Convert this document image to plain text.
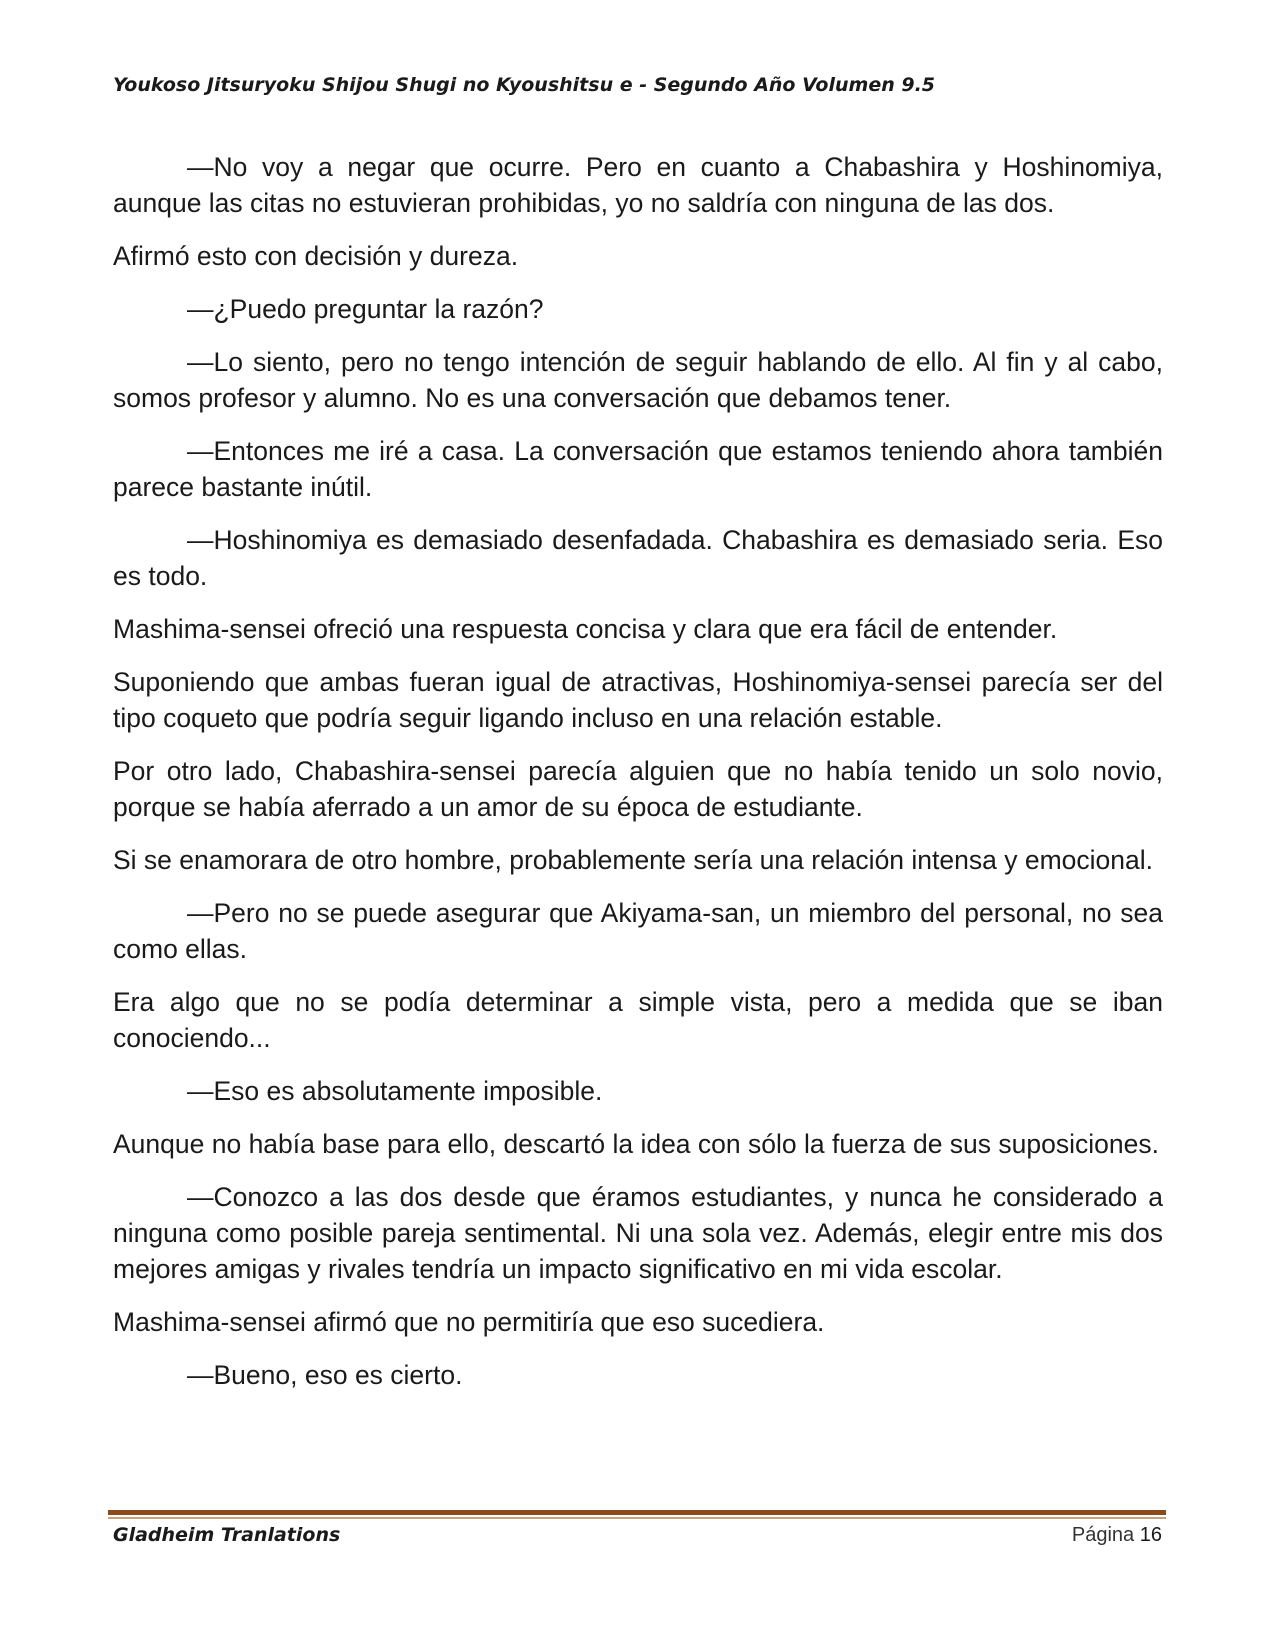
Youkoso Jitsuryoku Shijou Shugi no Kyoushitsu e - Segundo Año Volumen 9.5

—No voy a negar que ocurre. Pero en cuanto a Chabashira y Hoshinomiya, aunque las citas no estuvieran prohibidas, yo no saldría con ninguna de las dos.

Afirmó esto con decisión y dureza.

—¿Puedo preguntar la razón?

—Lo siento, pero no tengo intención de seguir hablando de ello. Al fin y al cabo, somos profesor y alumno. No es una conversación que debamos tener.

—Entonces me iré a casa. La conversación que estamos teniendo ahora también parece bastante inútil.

—Hoshinomiya es demasiado desenfadada. Chabashira es demasiado seria. Eso es todo.

Mashima-sensei ofreció una respuesta concisa y clara que era fácil de entender.

Suponiendo que ambas fueran igual de atractivas, Hoshinomiya-sensei parecía ser del tipo coqueto que podría seguir ligando incluso en una relación estable.

Por otro lado, Chabashira-sensei parecía alguien que no había tenido un solo novio, porque se había aferrado a un amor de su época de estudiante.

Si se enamorara de otro hombre, probablemente sería una relación intensa y emocional.

—Pero no se puede asegurar que Akiyama-san, un miembro del personal, no sea como ellas.

Era algo que no se podía determinar a simple vista, pero a medida que se iban conociendo...

—Eso es absolutamente imposible.

Aunque no había base para ello, descartó la idea con sólo la fuerza de sus suposiciones.

—Conozco a las dos desde que éramos estudiantes, y nunca he considerado a ninguna como posible pareja sentimental. Ni una sola vez. Además, elegir entre mis dos mejores amigas y rivales tendría un impacto significativo en mi vida escolar.

Mashima-sensei afirmó que no permitiría que eso sucediera.

—Bueno, eso es cierto.

Gladheim Tranlations	Página 16
